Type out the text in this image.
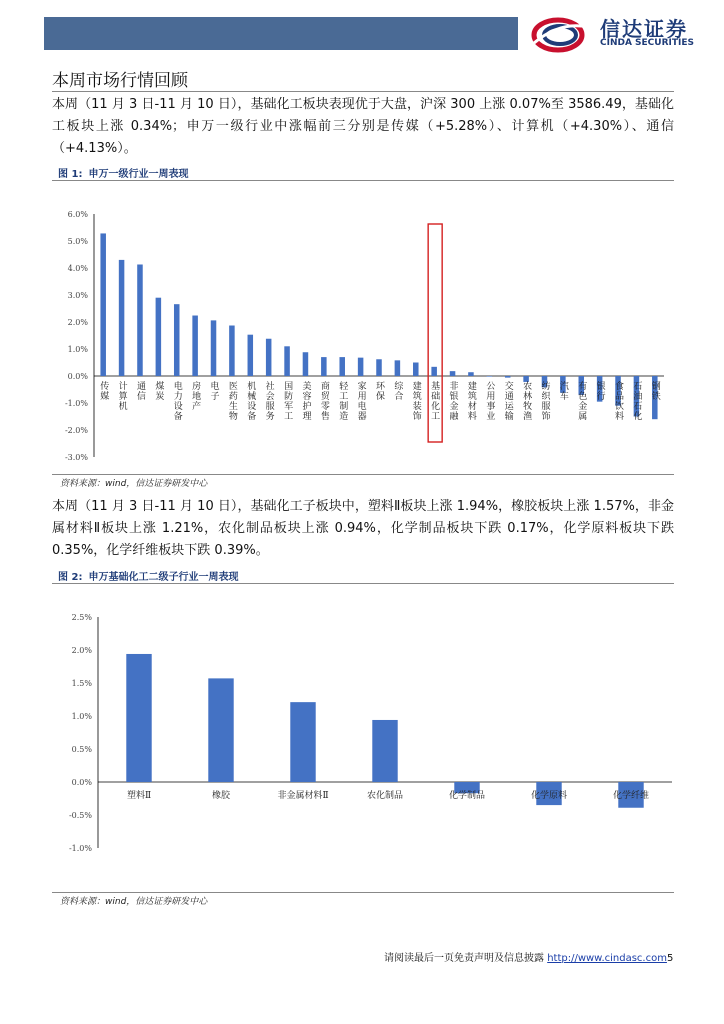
信达证券
CINDA SECURITIES
本周市场行情回顾
本周（11 月 3 日-11 月 10 日），基础化工板块表现优于大盘，沪深 300 上涨 0.07%至 3586.49，基础化工板块上涨 0.34%；申万一级行业中涨幅前三分别是传媒（+5.28%）、计算机（+4.30%）、通信（+4.13%）。
图 1: 申万一级行业一周表现
6.0%
5.0%
4.0%
3.0%
2.0%
1.0%
0.0%
-1.0%
-2.0%
-3.0%
传媒 计算机 通信 煤炭 电力设备 房地产 电子 医药生物 机械设备 社会服务 国防军工 美容护理 商贸零售 轻工制造 家用电器 环保 综合 建筑装饰 基础化工 非银金融 建筑材料 公用事业 交通运输 农林牧渔 纺织服饰 汽车 有色金属 银行 食品饮料 石油石化 钢铁
资料来源：wind，信达证券研发中心
本周（11 月 3 日-11 月 10 日），基础化工子板块中，塑料Ⅱ板块上涨 1.94%，橡胶板块上涨 1.57%，非金属材料Ⅱ板块上涨 1.21%，农化制品板块上涨 0.94%，化学制品板块下跌 0.17%，化学原料板块下跌 0.35%，化学纤维板块下跌 0.39%。
图 2: 申万基础化工二级子行业一周表现
2.5%
2.0%
1.5%
1.0%
0.5%
0.0%
-0.5%
-1.0%
塑料Ⅱ	橡胶	非金属材料Ⅱ	农化制品	化学制品	化学原料	化学纤维
资料来源：wind，信达证券研发中心
请阅读最后一页免责声明及信息披露 http://www.cindasc.com5
